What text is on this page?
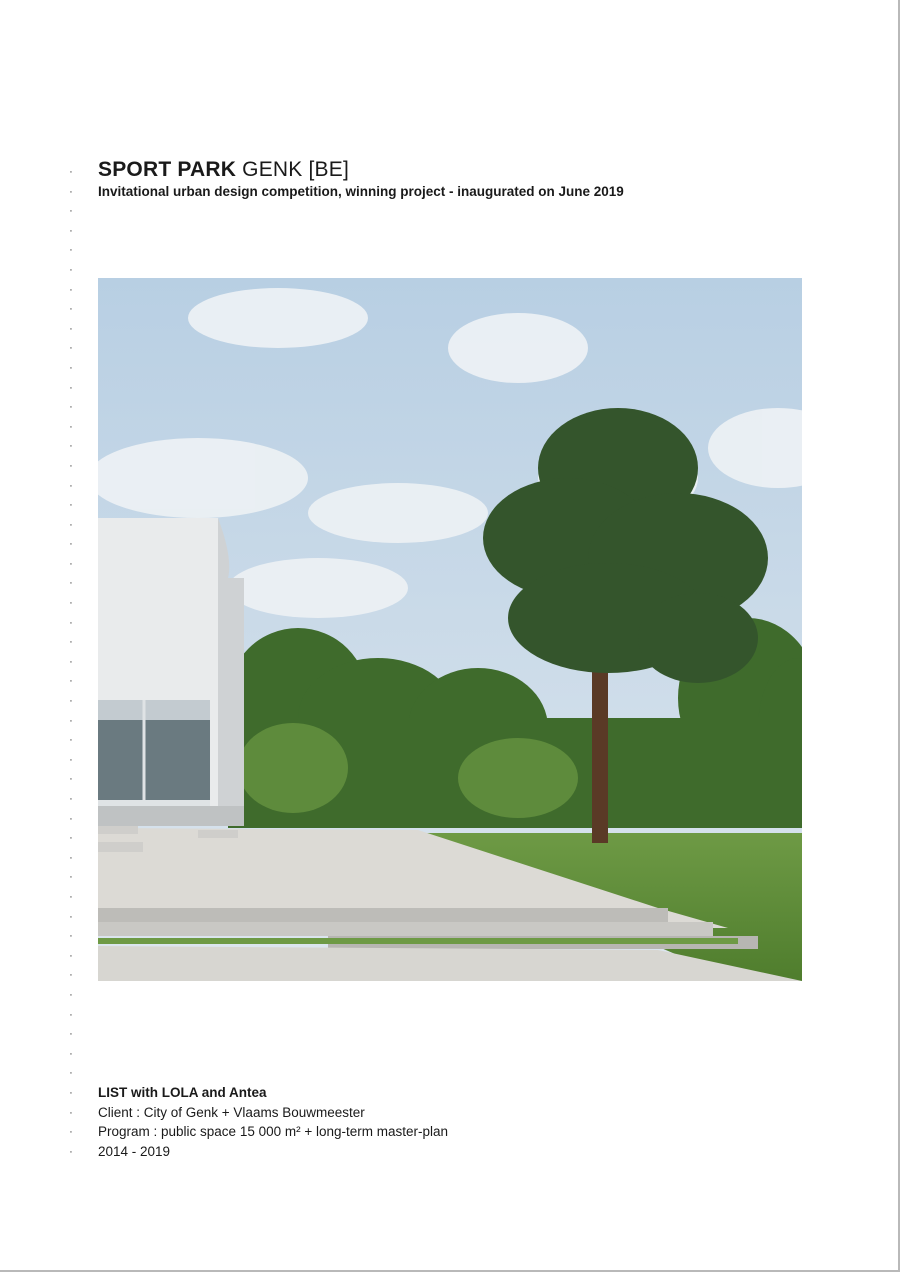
·
·
·
·
·
·
·
·
·
·
·
·
·
·
·
·
·
·
·
·
·
·
·
·
·
·
·
·
·
·
·
·
·
·
·
·
·
·
·
·
·
·
·
·
·
·
·
·
·
·
·
SPORT PARK GENK [BE]
Invitational urban design competition, winning project - inaugurated on June 2019
LIST with LOLA and Antea
Client : City of Genk + Vlaams Bouwmeester
Program : public space 15 000 m² + long-term master-plan
2014 - 2019
